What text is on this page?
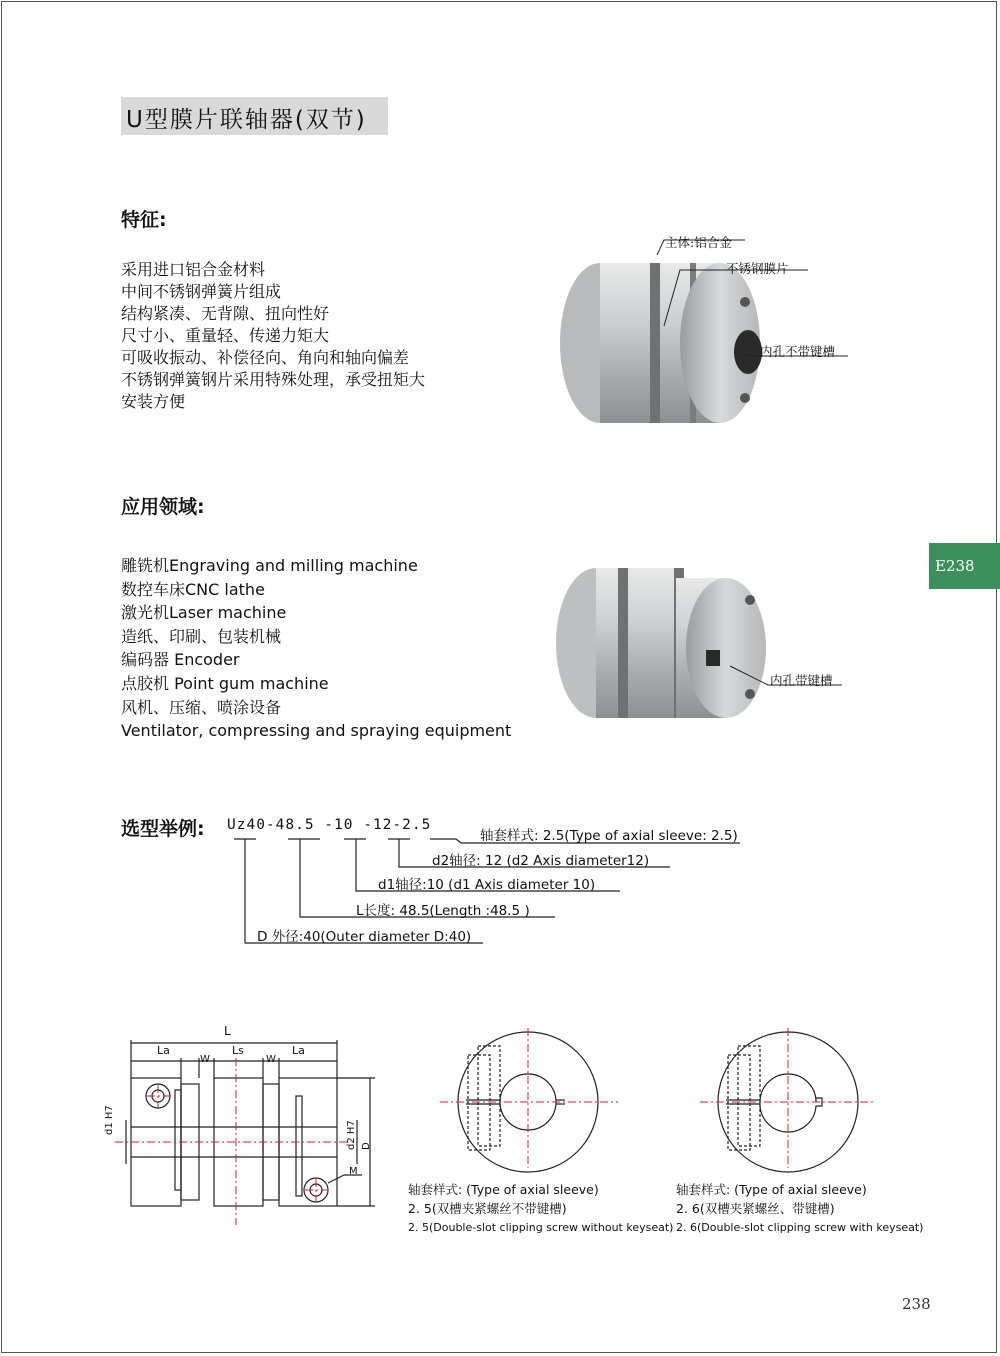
U型膜片联轴器(双节)
特征:
采用进口铝合金材料
中间不锈钢弹簧片组成
结构紧凑、无背隙、扭向性好
尺寸小、重量轻、传递力矩大
可吸收振动、补偿径向、角向和轴向偏差
不锈钢弹簧钢片采用特殊处理，承受扭矩大
安装方便
应用领域:
雕铣机Engraving and milling machine
数控车床CNC lathe
激光机Laser machine
造纸、印刷、包装机械
编码器 Encoder
点胶机 Point gum machine
风机、压缩、喷涂设备
Ventilator, compressing and spraying equipment
E238
主体:铝合金
不锈钢膜片
内孔不带键槽
内孔带键槽
选型举例: Uz40-48.5 -10 -12-2.5
轴套样式: 2.5(Type of axial sleeve: 2.5)
d2轴径: 12 (d2 Axis diameter12)
d1轴径:10 (d1 Axis diameter 10)
L长度: 48.5(Length :48.5 )
D 外径:40(Outer diameter D:40)
L
La	Ls	La
W	W
d1 H7
d2 H7 D
M
轴套样式: (Type of axial sleeve)
2. 5(双槽夹紧螺丝不带键槽)
2. 5(Double-slot clipping screw without keyseat)
轴套样式: (Type of axial sleeve)
2. 6(双槽夹紧螺丝、带键槽)
2. 6(Double-slot clipping screw with keyseat)
238
